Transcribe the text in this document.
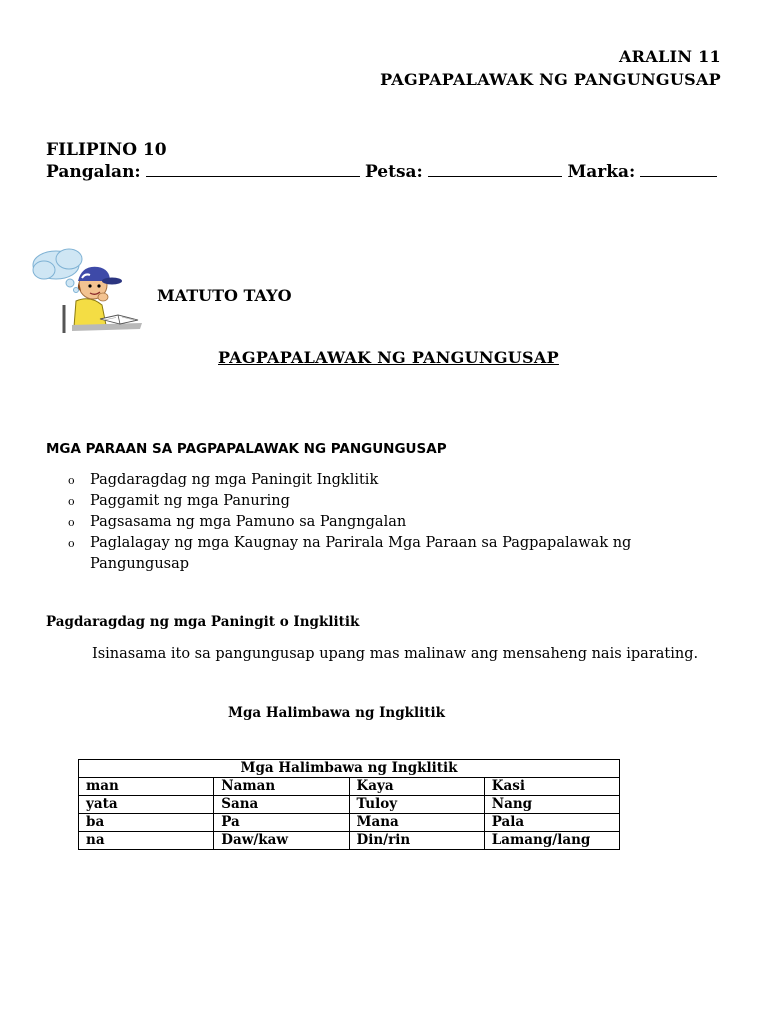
ARALIN 11
PAGPAPALAWAK NG PANGUNGUSAP
FILIPINO 10
Pangalan:	Petsa:	Marka:
MATUTO TAYO
PAGPAPALAWAK NG PANGUNGUSAP
MGA PARAAN SA PAGPAPALAWAK NG PANGUNGUSAP
o Pagdaragdag ng mga Paningit Ingklitik
o Paggamit ng mga Panuring
o Pagsasama ng mga Pamuno sa Pangngalan
o Paglalagay ng mga Kaugnay na Parirala Mga Paraan sa Pagpapalawak ng Pangungusap
Pagdaragdag ng mga Paningit o Ingklitik
Isinasama ito sa pangungusap upang mas malinaw ang mensaheng nais iparating.
Mga Halimbawa ng Ingklitik
Mga Halimbawa ng Ingklitik			
man	Naman	Kaya	Kasi
yata	Sana	Tuloy	Nang
ba	Pa	Mana	Pala
na	Daw/kaw	Din/rin	Lamang/lang
